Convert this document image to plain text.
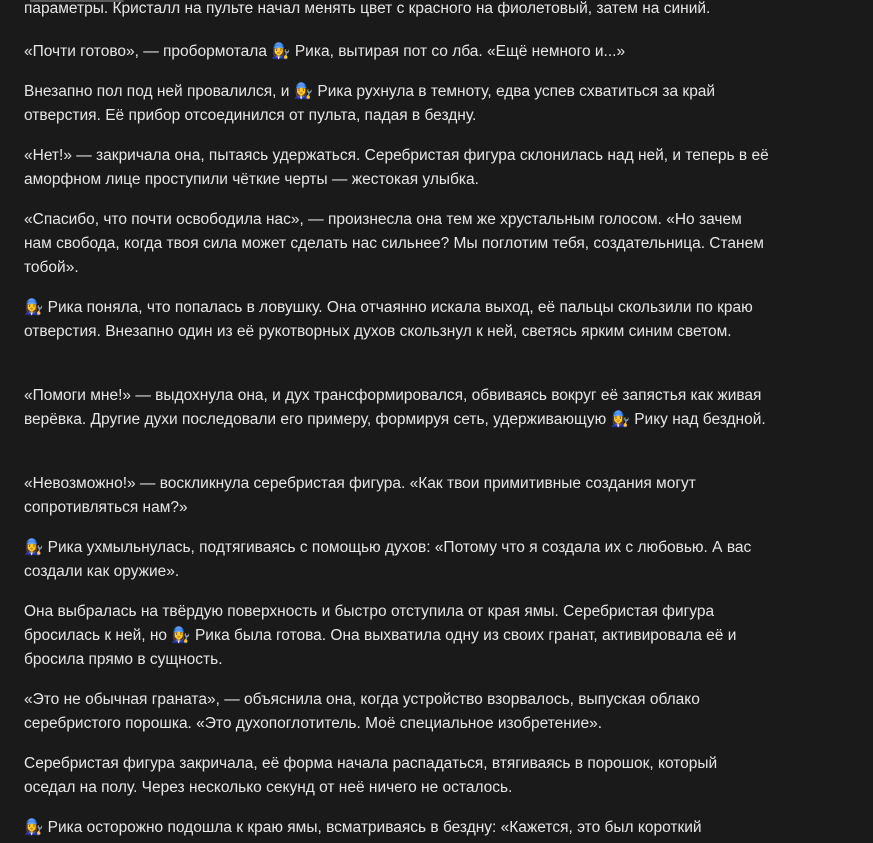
параметры. Кристалл на пульте начал менять цвет с красного на фиолетовый, затем на синий.

«Почти готово», — пробормотала 👩‍🔧 Рика, вытирая пот со лба. «Ещё немного и...»

Внезапно пол под ней провалился, и 👩‍🔧 Рика рухнула в темноту, едва успев схватиться за край отверстия. Её прибор отсоединился от пульта, падая в бездну.

«Нет!» — закричала она, пытаясь удержаться. Серебристая фигура склонилась над ней, и теперь в её аморфном лице проступили чёткие черты — жестокая улыбка.

«Спасибо, что почти освободила нас», — произнесла она тем же хрустальным голосом. «Но зачем нам свобода, когда твоя сила может сделать нас сильнее? Мы поглотим тебя, создательница. Станем тобой».

👩‍🔧 Рика поняла, что попалась в ловушку. Она отчаянно искала выход, её пальцы скользили по краю отверстия. Внезапно один из её рукотворных духов скользнул к ней, светясь ярким синим светом.

«Помоги мне!» — выдохнула она, и дух трансформировался, обвиваясь вокруг её запястья как живая верёвка. Другие духи последовали его примеру, формируя сеть, удерживающую 👩‍🔧 Рику над бездной.

«Невозможно!» — воскликнула серебристая фигура. «Как твои примитивные создания могут сопротивляться нам?»

👩‍🔧 Рика ухмыльнулась, подтягиваясь с помощью духов: «Потому что я создала их с любовью. А вас создали как оружие».

Она выбралась на твёрдую поверхность и быстро отступила от края ямы. Серебристая фигура бросилась к ней, но 👩‍🔧 Рика была готова. Она выхватила одну из своих гранат, активировала её и бросила прямо в сущность.

«Это не обычная граната», — объяснила она, когда устройство взорвалось, выпуская облако серебристого порошка. «Это духопоглотитель. Моё специальное изобретение».

Серебристая фигура закричала, её форма начала распадаться, втягиваясь в порошок, который оседал на полу. Через несколько секунд от неё ничего не осталось.

👩‍🔧 Рика осторожно подошла к краю ямы, всматриваясь в бездну: «Кажется, это был короткий
